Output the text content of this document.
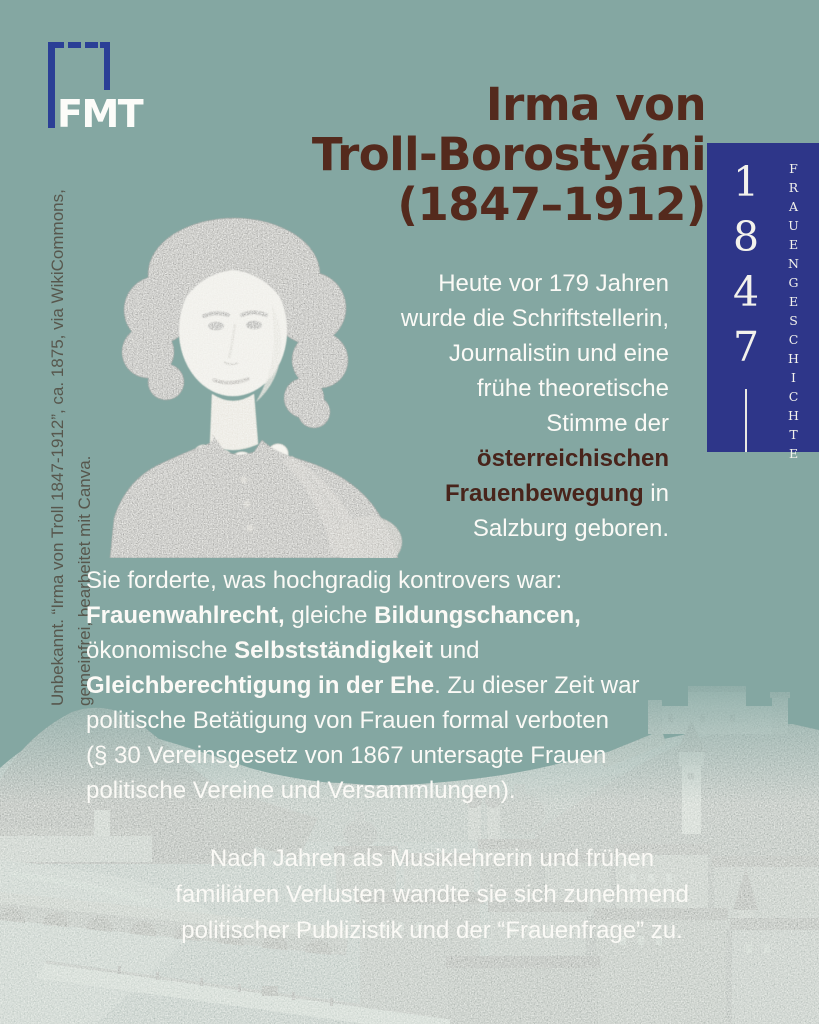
Unbekannt. “Irma von Troll 1847-1912”, ca. 1875, via WikiCommons, gemeinfrei, bearbeitet mit Canva.
FMT	Irma von
Troll-Borostyáni
(1847–1912) 1847 FRAUENGESCHICHTE
Heute vor 179 Jahren
wurde die Schriftstellerin,
Journalistin und eine
frühe theoretische
Stimme der
österreichischen
Frauenbewegung in
Salzburg geboren.
Sie forderte, was hochgradig kontrovers war:
Frauenwahlrecht, gleiche Bildungschancen,
ökonomische Selbstständigkeit und
Gleichberechtigung in der Ehe. Zu dieser Zeit war
politische Betätigung von Frauen formal verboten
(§ 30 Vereinsgesetz von 1867 untersagte Frauen
politische Vereine und Versammlungen).
Nach Jahren als Musiklehrerin und frühen
familiären Verlusten wandte sie sich zunehmend
politischer Publizistik und der “Frauenfrage” zu.
